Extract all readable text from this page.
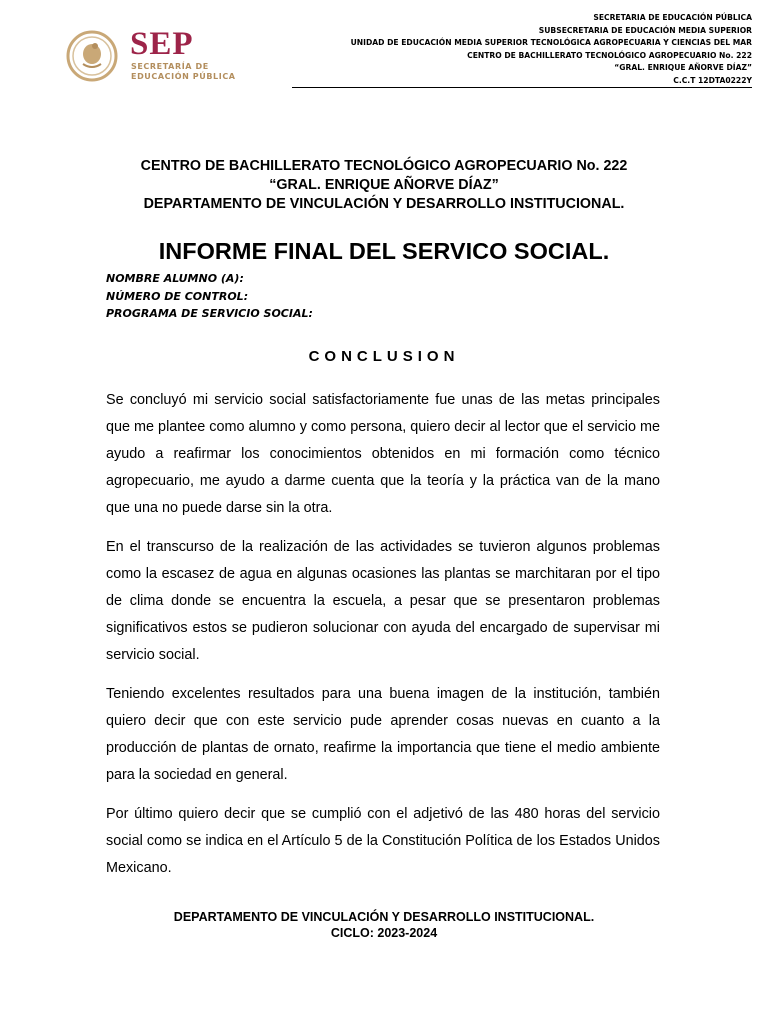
SEP
SECRETARÍA DE
EDUCACIÓN PÚBLICA
SECRETARIA DE EDUCACIÓN PÚBLICA
SUBSECRETARIA DE EDUCACIÓN MEDIA SUPERIOR
UNIDAD DE EDUCACIÓN MEDIA SUPERIOR TECNOLÓGICA AGROPECUARIA Y CIENCIAS DEL MAR
CENTRO DE BACHILLERATO TECNOLÓGICO AGROPECUARIO No. 222
“GRAL. ENRIQUE AÑORVE DÍAZ”
C.C.T 12DTA0222Y
CENTRO DE BACHILLERATO TECNOLÓGICO AGROPECUARIO No. 222
“GRAL. ENRIQUE AÑORVE DÍAZ”
DEPARTAMENTO DE VINCULACIÓN Y DESARROLLO INSTITUCIONAL.
INFORME FINAL DEL SERVICO SOCIAL.
NOMBRE ALUMNO (A):
NÚMERO DE CONTROL:
PROGRAMA DE SERVICIO SOCIAL:
CONCLUSION

Se concluyó mi servicio social satisfactoriamente fue unas de las metas principales que me plantee como alumno y como persona, quiero decir al lector que el servicio me ayudo a reafirmar los conocimientos obtenidos en mi formación como técnico agropecuario, me ayudo a darme cuenta que la teoría y la práctica van de la mano que una no puede darse sin la otra.

En el transcurso de la realización de las actividades se tuvieron algunos problemas como la escasez de agua en algunas ocasiones las plantas se marchitaran por el tipo de clima donde se encuentra la escuela, a pesar que se presentaron problemas significativos estos se pudieron solucionar con ayuda del encargado de supervisar mi servicio social.

Teniendo excelentes resultados para una buena imagen de la institución, también quiero decir que con este servicio pude aprender cosas nuevas en cuanto a la producción de plantas de ornato, reafirme la importancia que tiene el medio ambiente para la sociedad en general.

Por último quiero decir que se cumplió con el adjetivó de las 480 horas del servicio social como se indica en el Artículo 5 de la Constitución Política de los Estados Unidos Mexicano.

DEPARTAMENTO DE VINCULACIÓN Y DESARROLLO INSTITUCIONAL.
CICLO: 2023-2024
